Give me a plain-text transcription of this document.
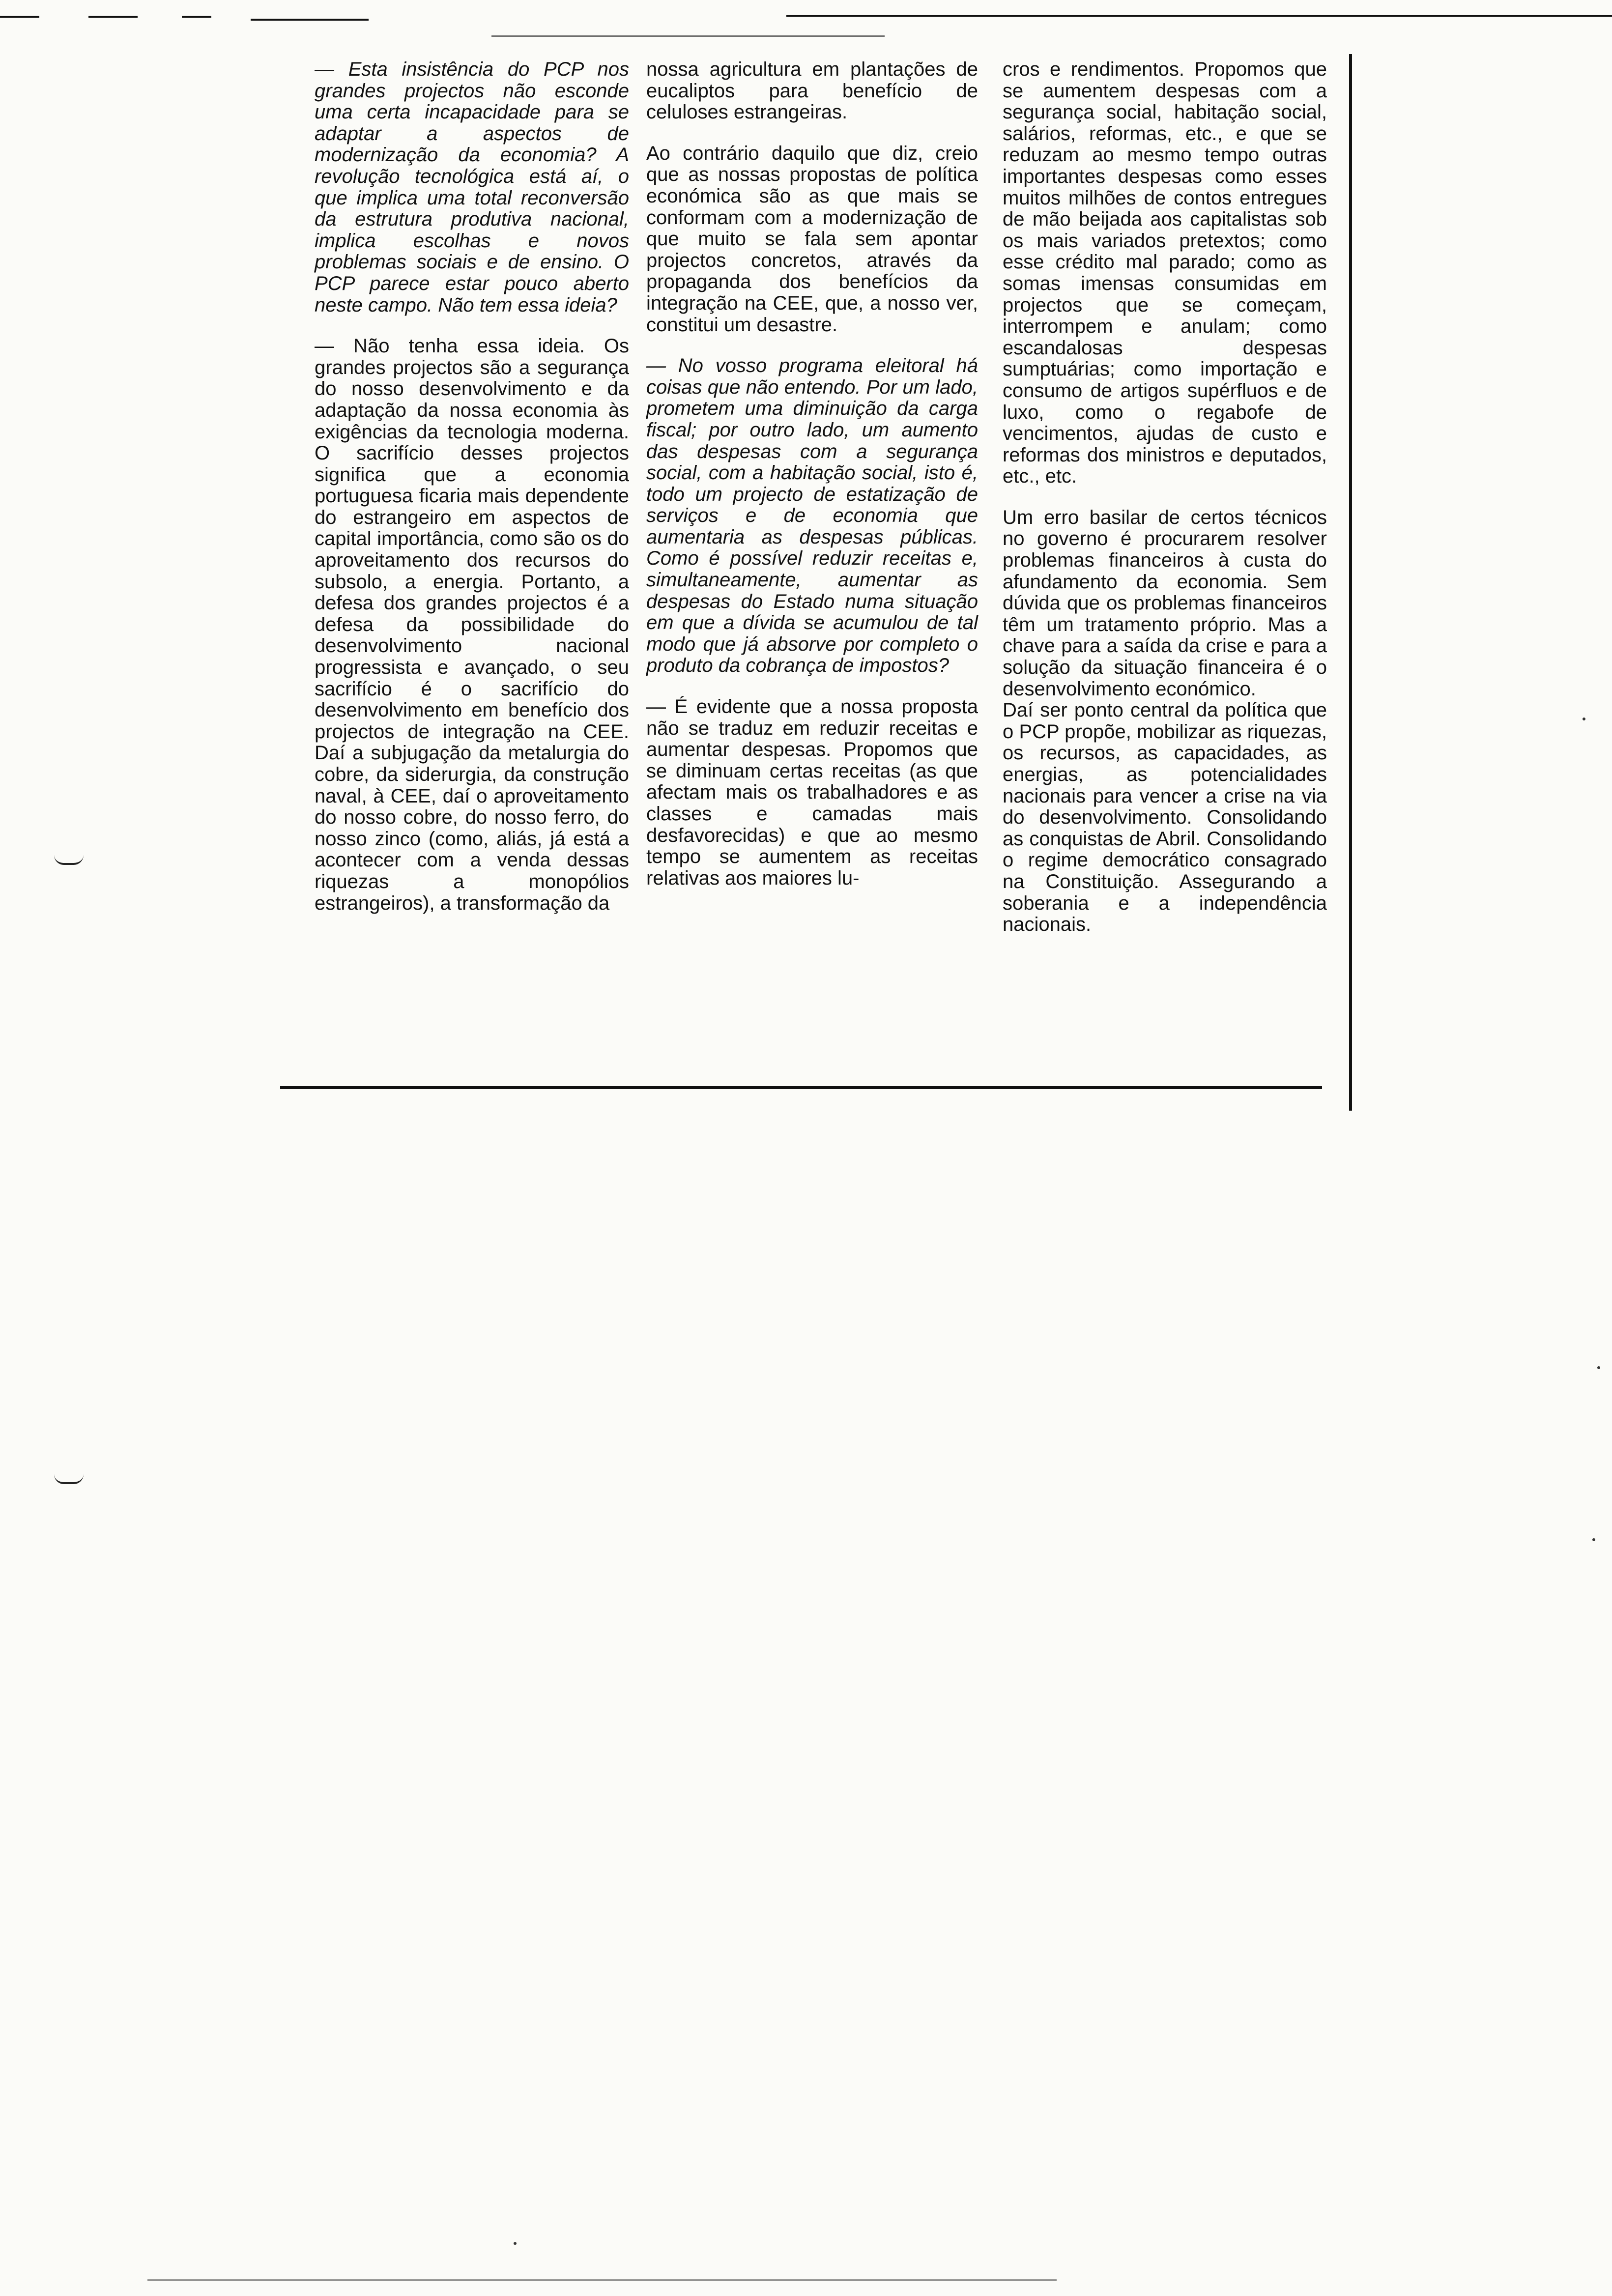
— Esta insistência do PCP nos grandes projectos não esconde uma certa incapacidade para se adaptar a aspectos de modernização da economia? A revolução tecnológica está aí, o que implica uma total reconversão da estrutura produtiva nacional, implica escolhas e novos problemas sociais e de ensino. O PCP parece estar pouco aberto neste campo. Não tem essa ideia?

— Não tenha essa ideia. Os grandes projectos são a segurança do nosso desenvolvimento e da adaptação da nossa economia às exigências da tecnologia moderna. O sacrifício desses projectos significa que a economia portuguesa ficaria mais dependente do estrangeiro em aspectos de capital importância, como são os do aproveitamento dos recursos do subsolo, a energia. Portanto, a defesa dos grandes projectos é a defesa da possibilidade do desenvolvimento nacional progressista e avançado, o seu sacrifício é o sacrifício do desenvolvimento em benefício dos projectos de integração na CEE. Daí a subjugação da metalurgia do cobre, da siderurgia, da construção naval, à CEE, daí o aproveitamento do nosso cobre, do nosso ferro, do nosso zinco (como, aliás, já está a acontecer com a venda dessas riquezas a monopólios estrangeiros), a transformação da

nossa agricultura em plantações de eucaliptos para benefício de celuloses estrangeiras.

Ao contrário daquilo que diz, creio que as nossas propostas de política económica são as que mais se conformam com a modernização de que muito se fala sem apontar projectos concretos, através da propaganda dos benefícios da integração na CEE, que, a nosso ver, constitui um desastre.

— No vosso programa eleitoral há coisas que não entendo. Por um lado, prometem uma diminuição da carga fiscal; por outro lado, um aumento das despesas com a segurança social, com a habitação social, isto é, todo um projecto de estatização de serviços e de economia que aumentaria as despesas públicas. Como é possível reduzir receitas e, simultaneamente, aumentar as despesas do Estado numa situação em que a dívida se acumulou de tal modo que já absorve por completo o produto da cobrança de impostos?

— É evidente que a nossa proposta não se traduz em reduzir receitas e aumentar despesas. Propomos que se diminuam certas receitas (as que afectam mais os trabalhadores e as classes e camadas mais desfavorecidas) e que ao mesmo tempo se aumentem as receitas relativas aos maiores lu-

cros e rendimentos. Propomos que se aumentem despesas com a segurança social, habitação social, salários, reformas, etc., e que se reduzam ao mesmo tempo outras importantes despesas como esses muitos milhões de contos entregues de mão beijada aos capitalistas sob os mais variados pretextos; como esse crédito mal parado; como as somas imensas consumidas em projectos que se começam, interrompem e anulam; como escandalosas despesas sumptuárias; como importação e consumo de artigos supérfluos e de luxo, como o regabofe de vencimentos, ajudas de custo e reformas dos ministros e deputados, etc., etc.

Um erro basilar de certos técnicos no governo é procurarem resolver problemas financeiros à custa do afundamento da economia. Sem dúvida que os problemas financeiros têm um tratamento próprio. Mas a chave para a saída da crise e para a solução da situação financeira é o desenvolvimento económico.

Daí ser ponto central da política que o PCP propõe, mobilizar as riquezas, os recursos, as capacidades, as energias, as potencialidades nacionais para vencer a crise na via do desenvolvimento. Consolidando as conquistas de Abril. Consolidando o regime democrático consagrado na Constituição. Assegurando a soberania e a independência nacionais.
